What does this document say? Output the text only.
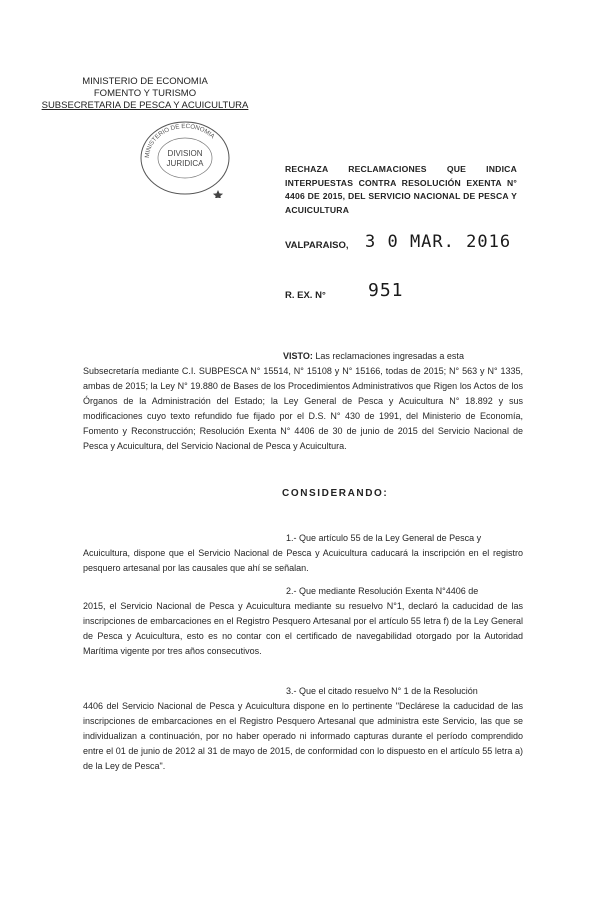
MINISTERIO DE ECONOMIA
FOMENTO Y TURISMO
SUBSECRETARIA DE PESCA Y ACUICULTURA
MINISTERIO DE ECONOMIA
DIVISION
JURIDICA
RECHAZA RECLAMACIONES QUE INDICA INTERPUESTAS CONTRA RESOLUCIÓN EXENTA N° 4406 DE 2015, DEL SERVICIO NACIONAL DE PESCA Y ACUICULTURA
VALPARAISO, 3 0 MAR. 2016
R. EX. N° 951
VISTO: Las reclamaciones ingresadas a esta
Subsecretaría mediante C.I. SUBPESCA N° 15514, N° 15108 y N° 15166, todas de 2015; N° 563 y N° 1335, ambas de 2015; la Ley N° 19.880 de Bases de los Procedimientos Administrativos que Rigen los Actos de los Órganos de la Administración del Estado; la Ley General de Pesca y Acuicultura N° 18.892 y sus modificaciones cuyo texto refundido fue fijado por el D.S. N° 430 de 1991, del Ministerio de Economía, Fomento y Reconstrucción; Resolución Exenta N° 4406 de 30 de junio de 2015 del Servicio Nacional de Pesca y Acuicultura, del Servicio Nacional de Pesca y Acuicultura.
CONSIDERANDO:
1.- Que artículo 55 de la Ley General de Pesca y
Acuicultura, dispone que el Servicio Nacional de Pesca y Acuicultura caducará la inscripción en el registro pesquero artesanal por las causales que ahí se señalan.
2.- Que mediante Resolución Exenta N°4406 de
2015, el Servicio Nacional de Pesca y Acuicultura mediante su resuelvo N°1, declaró la caducidad de las inscripciones de embarcaciones en el Registro Pesquero Artesanal por el artículo 55 letra f) de la Ley General de Pesca y Acuicultura, esto es no contar con el certificado de navegabilidad otorgado por la Autoridad Marítima vigente por tres años consecutivos.
3.- Que el citado resuelvo N° 1 de la Resolución
4406 del Servicio Nacional de Pesca y Acuicultura dispone en lo pertinente "Declárese la caducidad de las inscripciones de embarcaciones en el Registro Pesquero Artesanal que administra este Servicio, las que se individualizan a continuación, por no haber operado ni informado capturas durante el período comprendido entre el 01 de junio de 2012 al 31 de mayo de 2015, de conformidad con lo dispuesto en el artículo 55 letra a) de la Ley de Pesca".
